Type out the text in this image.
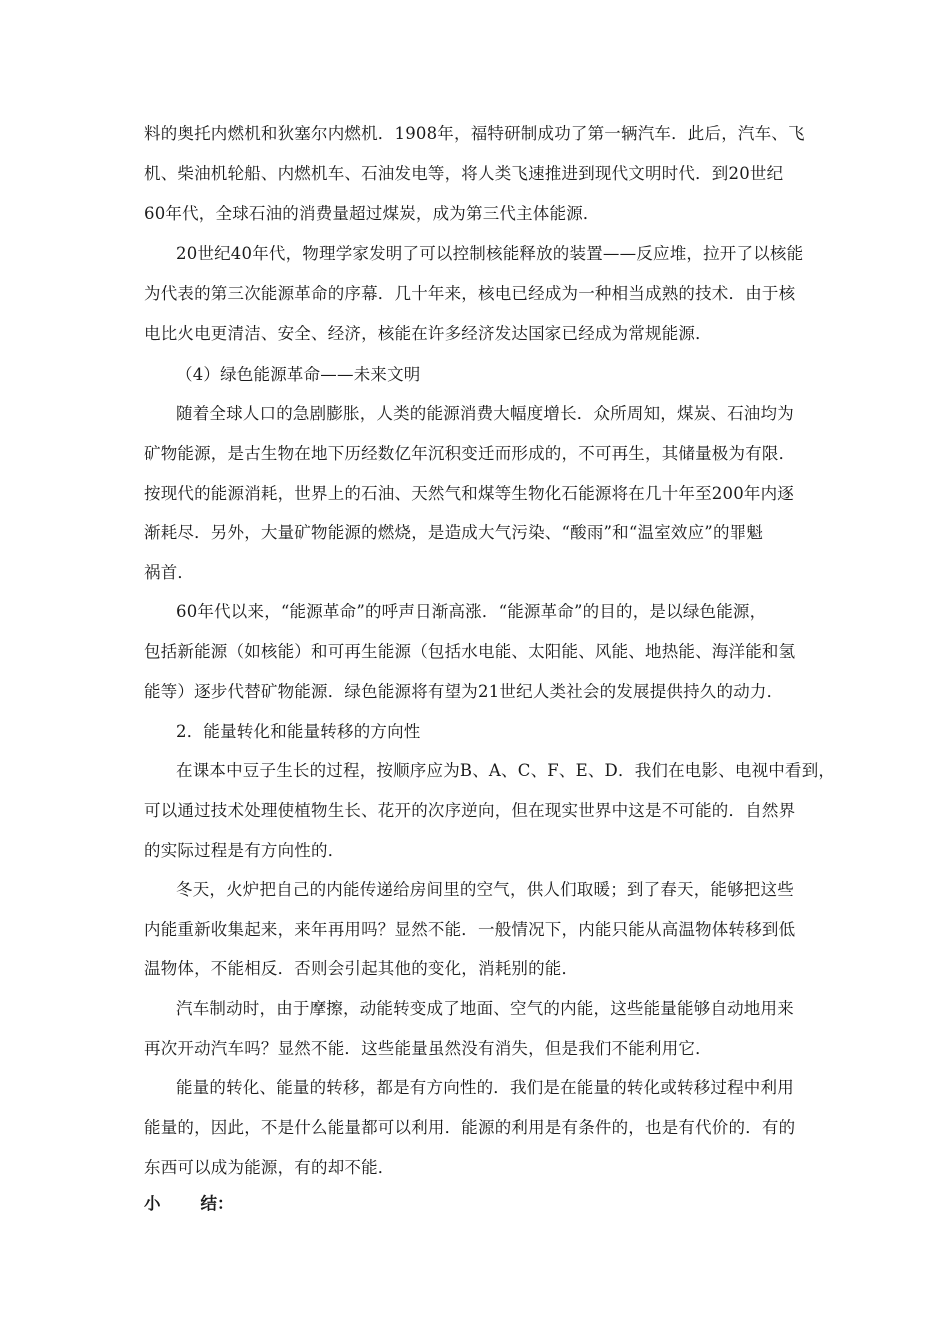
料的奥托内燃机和狄塞尔内燃机．1908年，福特研制成功了第一辆汽车．此后，汽车、飞
机、柴油机轮船、内燃机车、石油发电等，将人类飞速推进到现代文明时代．到20世纪
60年代，全球石油的消费量超过煤炭，成为第三代主体能源．
20世纪40年代，物理学家发明了可以控制核能释放的装置——反应堆，拉开了以核能
为代表的第三次能源革命的序幕．几十年来，核电已经成为一种相当成熟的技术．由于核
电比火电更清洁、安全、经济，核能在许多经济发达国家已经成为常规能源．
（4）绿色能源革命——未来文明
随着全球人口的急剧膨胀，人类的能源消费大幅度增长．众所周知，煤炭、石油均为
矿物能源，是古生物在地下历经数亿年沉积变迁而形成的，不可再生，其储量极为有限．
按现代的能源消耗，世界上的石油、天然气和煤等生物化石能源将在几十年至200年内逐
渐耗尽．另外，大量矿物能源的燃烧，是造成大气污染、“酸雨”和“温室效应”的罪魁
祸首．
60年代以来，“能源革命”的呼声日渐高涨．“能源革命”的目的，是以绿色能源，
包括新能源（如核能）和可再生能源（包括水电能、太阳能、风能、地热能、海洋能和氢
能等）逐步代替矿物能源．绿色能源将有望为21世纪人类社会的发展提供持久的动力．
2．能量转化和能量转移的方向性
在课本中豆子生长的过程，按顺序应为B、A、C、F、E、D．我们在电影、电视中看到，
可以通过技术处理使植物生长、花开的次序逆向，但在现实世界中这是不可能的．自然界
的实际过程是有方向性的．
冬天，火炉把自己的内能传递给房间里的空气，供人们取暖；到了春天，能够把这些
内能重新收集起来，来年再用吗？显然不能．一般情况下，内能只能从高温物体转移到低
温物体，不能相反．否则会引起其他的变化，消耗别的能．
汽车制动时，由于摩擦，动能转变成了地面、空气的内能，这些能量能够自动地用来
再次开动汽车吗？显然不能．这些能量虽然没有消失，但是我们不能利用它．
能量的转化、能量的转移，都是有方向性的．我们是在能量的转化或转移过程中利用
能量的，因此，不是什么能量都可以利用．能源的利用是有条件的，也是有代价的．有的
东西可以成为能源，有的却不能．
小 结：
